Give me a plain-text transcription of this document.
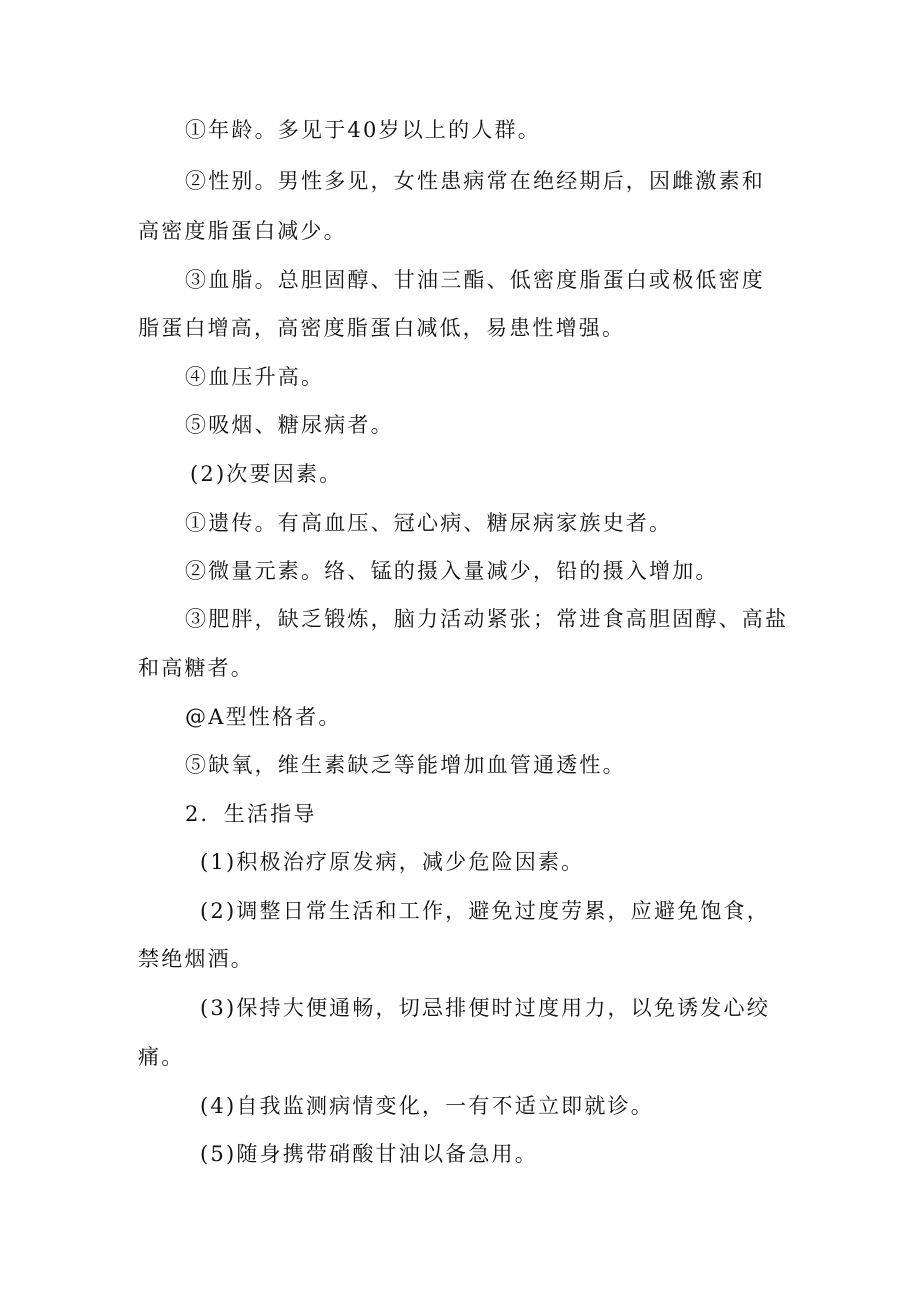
①年龄。多见于40岁以上的人群。
②性别。男性多见，女性患病常在绝经期后，因雌激素和
高密度脂蛋白减少。
③血脂。总胆固醇、甘油三酯、低密度脂蛋白或极低密度
脂蛋白增高，高密度脂蛋白减低，易患性增强。
④血压升高。
⑤吸烟、糖尿病者。
(2)次要因素。
①遗传。有高血压、冠心病、糖尿病家族史者。
②微量元素。络、锰的摄入量减少，铅的摄入增加。
③肥胖，缺乏锻炼，脑力活动紧张；常进食高胆固醇、高盐
和高糖者。
@A型性格者。
⑤缺氧，维生素缺乏等能增加血管通透性。
2．生活指导
(1)积极治疗原发病，减少危险因素。
(2)调整日常生活和工作，避免过度劳累，应避免饱食，
禁绝烟酒。
(3)保持大便通畅，切忌排便时过度用力，以免诱发心绞
痛。
(4)自我监测病情变化，一有不适立即就诊。
(5)随身携带硝酸甘油以备急用。
